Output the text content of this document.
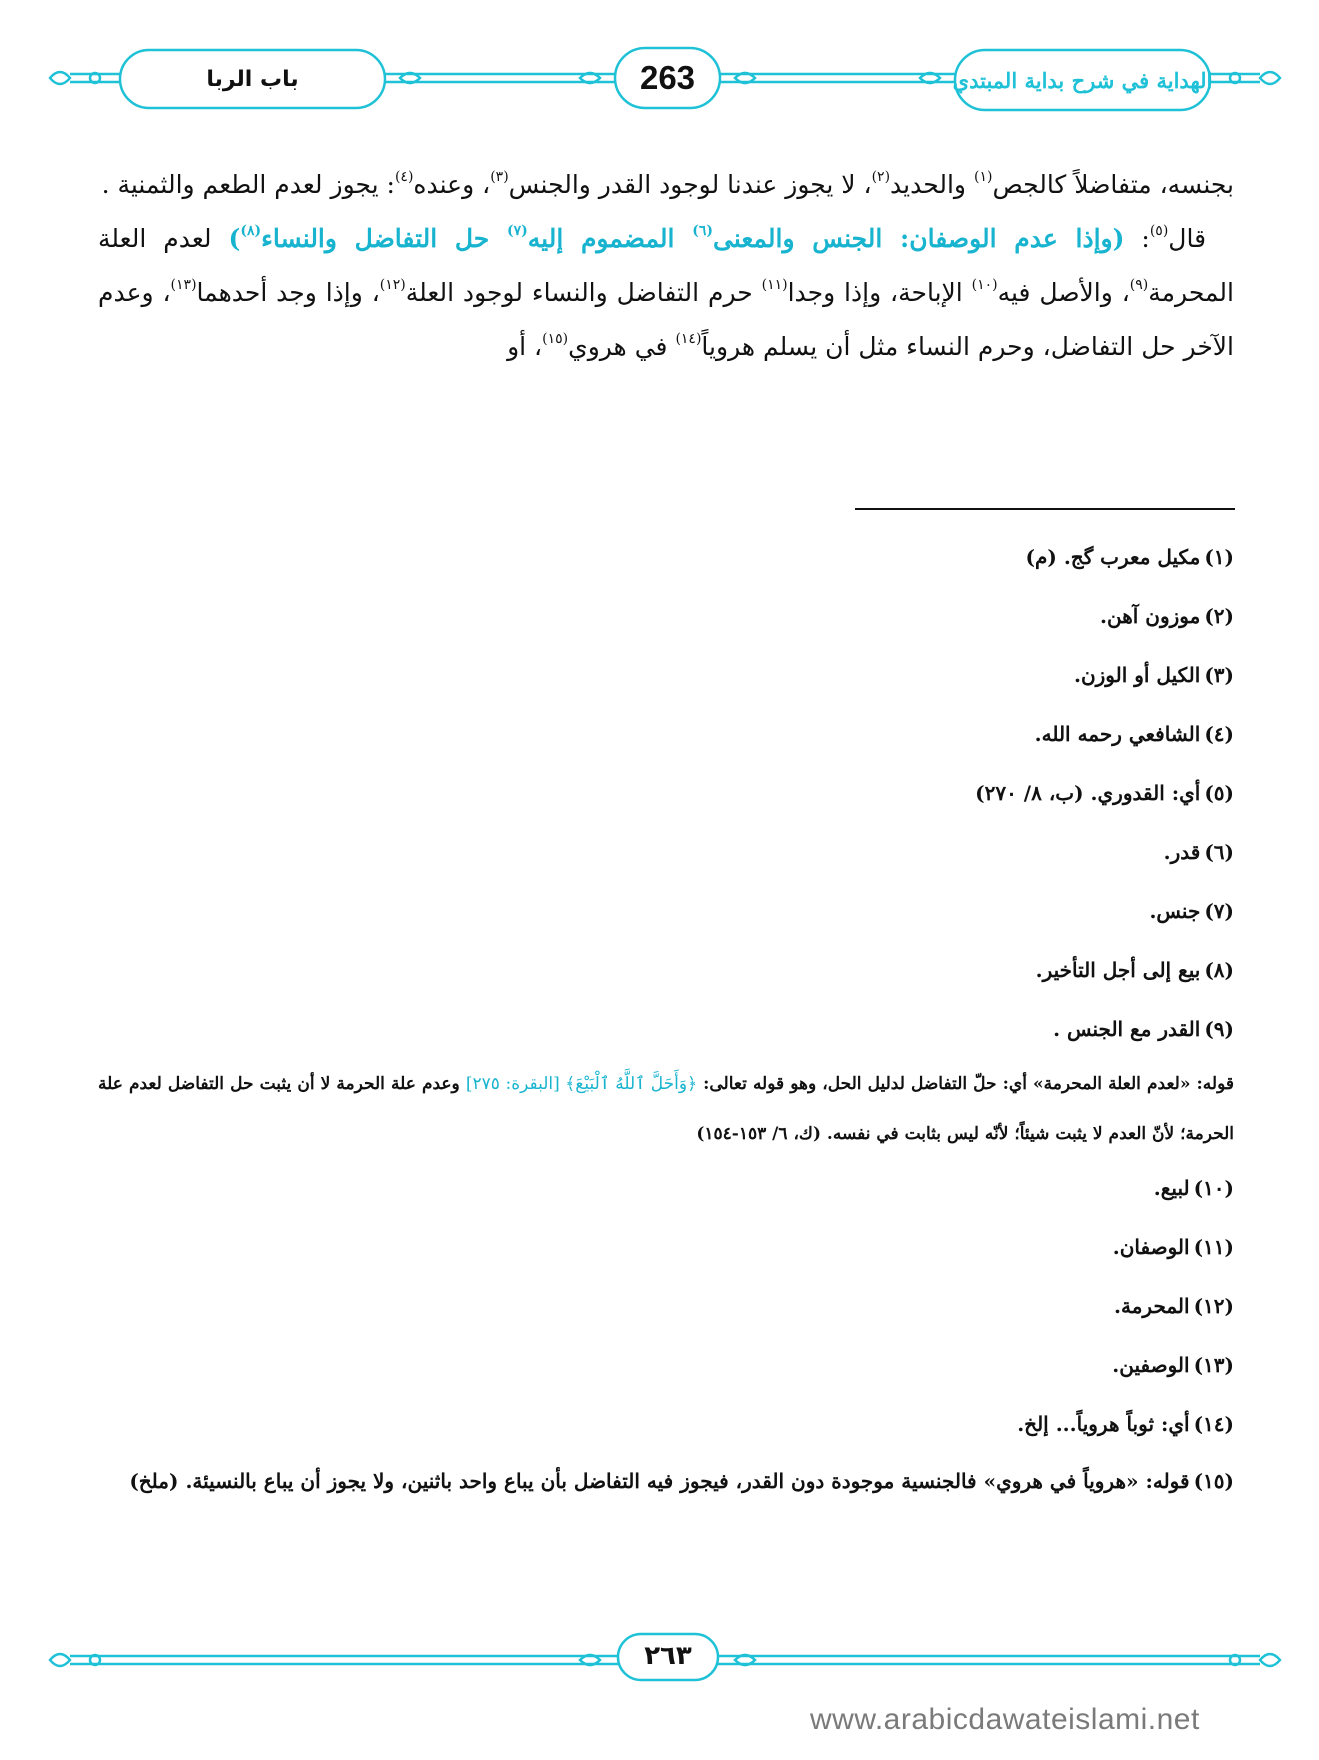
باب الربا	263	الهداية في شرح بداية المبتدي

بجنسه، متفاضلاً كالجص$^{(١)}$ والحديد$^{(٢)}$، لا يجوز عندنا لوجود القدر والجنس$^{(٣)}$، وعنده$^{(٤)}$: يجوز لعدم الطعم والثمنية .

قال$^{(٥)}$: (وإذا عدم الوصفان: الجنس والمعنى$^{(٦)}$ المضموم إليه$^{(٧)}$ حل التفاضل والنساء$^{(٨)}$) لعدم العلة المحرمة$^{(٩)}$، والأصل فيه$^{(١٠)}$ الإباحة، وإذا وجدا$^{(١١)}$ حرم التفاضل والنساء لوجود العلة$^{(١٢)}$، وإذا وجد أحدهما$^{(١٣)}$، وعدم الآخر حل التفاضل، وحرم النساء مثل أن يسلم هروياً$^{(١٤)}$ في هروي$^{(١٥)}$، أو

(١)مكيل معرب گج. (م)

(٢)موزون آهن.

(٣)الكيل أو الوزن.

(٤)الشافعي رحمه الله.

(٥)أي: القدوري. (ب، ٨/ ٢٧٠)

(٦)قدر.

(٧)جنس.

(٨)بيع إلى أجل التأخير.

(٩)القدر مع الجنس .

قوله: «لعدم العلة المحرمة» أي: حلّ التفاضل لدليل الحل، وهو قوله تعالى: ﴿وَأَحَلَّ ٱللَّهُ ٱلْبَيْعَ﴾ [البقرة: ٢٧٥] وعدم علة الحرمة لا أن يثبت حل التفاضل لعدم علة الحرمة؛ لأنّ العدم لا يثبت شيئاً؛ لأنّه ليس بثابت في نفسه. (ك، ٦/ ١٥٣-١٥٤)

(١٠)لبيع.

(١١)الوصفان.

(١٢)المحرمة.

(١٣)الوصفين.

(١٤)أي: ثوباً هروياً... إلخ.

(١٥)قوله: «هروياً في هروي» فالجنسية موجودة دون القدر، فيجوز فيه التفاضل بأن يباع واحد باثنين، ولا يجوز أن يباع بالنسيئة. (ملخ)

٢٦٣
www.arabicdawateislami.net
